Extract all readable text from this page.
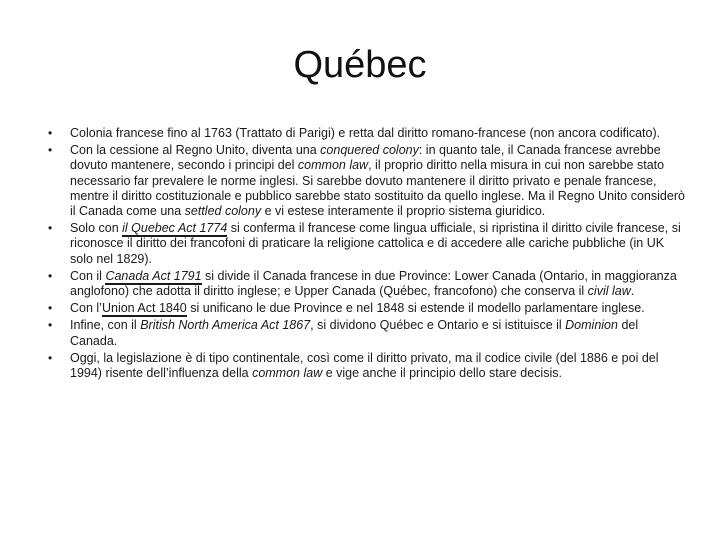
Québec
• Colonia francese fino al 1763 (Trattato di Parigi) e retta dal diritto romano-francese (non ancora codificato).
• Con la cessione al Regno Unito, diventa una conquered colony: in quanto tale, il Canada francese avrebbe dovuto mantenere, secondo i principi del common law, il proprio diritto nella misura in cui non sarebbe stato necessario far prevalere le norme inglesi. Si sarebbe dovuto mantenere il diritto privato e penale francese, mentre il diritto costituzionale e pubblico sarebbe stato sostituito da quello inglese. Ma il Regno Unito considerò il Canada come una settled colony e vi estese interamente il proprio sistema giuridico.
• Solo con il Quebec Act 1774 si conferma il francese come lingua ufficiale, si ripristina il diritto civile francese, si riconosce il diritto dei francofoni di praticare la religione cattolica e di accedere alle cariche pubbliche (in UK solo nel 1829).
• Con il Canada Act 1791 si divide il Canada francese in due Province: Lower Canada (Ontario, in maggioranza anglofono) che adotta il diritto inglese; e Upper Canada (Québec, francofono) che conserva il civil law.
• Con l’Union Act 1840 si unificano le due Province e nel 1848 si estende il modello parlamentare inglese.
• Infine, con il British North America Act 1867, si dividono Québec e Ontario e si istituisce il Dominion del Canada.
• Oggi, la legislazione è di tipo continentale, così come il diritto privato, ma il codice civile (del 1886 e poi del 1994) risente dell’influenza della common law e vige anche il principio dello stare decisis.
